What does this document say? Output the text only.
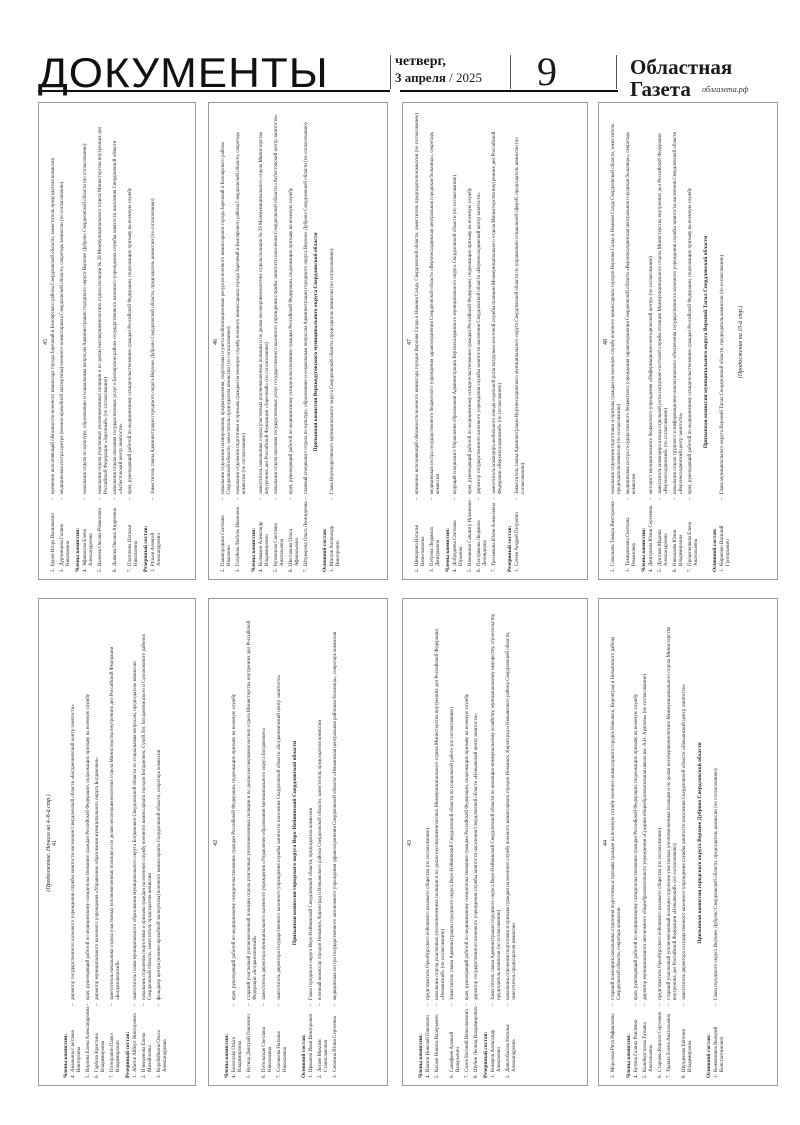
ДОКУМЕНТЫ	четверг,
3 апреля / 2025 9	Областная
Газета	облгазета.рф
(Продолжение. Начало на 4–8-й стр.) 41
Члены комиссии: 4.
Ананьина Светлана Викторовна
–
директор государственного казенного учреждения службы занятости населения Свердловской области «Богдановичский центр занятости»
5.
Ваулина Елена Александровна
–
врач, руководящий работой по медицинскому освидетельствованию граждан Российской Федерации, подлежащих призыву на военную службу
6.
Гарбова Кристина Владимировна
–
директор муниципального казенного учреждения «Управление образования муниципального округа Богданович»
7.
Потюрапин Павел Владимирович
–
заместитель начальника отдела участковых уполномоченных полиции и по делам несовершеннолетних отдела Министерства внутренних дел Российской Федерации «Богдановичский»
Резервный состав: 1.
Абатов Айберт Викторович
–
заместитель главы муниципального образования муниципального округа Богданович Свердловской области по социальным вопросам, председатель комиссии
2.
Измоденова Елена Михайловна
–
начальник отделения подготовки и призыва граждан на военную службу военного комиссариата городов Богданович, Сухой Лог, Богдановичского и Сухоложского районов Свердловской области, заместитель председателя комиссии
3.
Коробейкина Ольга Александровна
–
фельдшер центра (военно-врачебной экспертизы) военного комиссариата Свердловской области, секретарь комиссии	42
Члены комиссии: 4.
Белоглава Ольга Владимировна
–
врач, руководящий работой по медицинскому освидетельствованию граждан Российской Федерации, подлежащих призыву на военную службу
5.
Кутица Дмитрий Павлович
–
старший участковый уполномоченный полиции отдела участковых уполномоченных полиции и по делам несовершеннолетних отдела Министерства внутренних дел Российской Федерации «Богдановичский»
6.
Петельская Светлана Николаевна
–
заместитель директора муниципального казенного учреждения «Управление образования муниципального округа Богданович»
7.
Соловьева Наталья Николаевна
–
заместитель директора государственного казенного учреждения службы занятости населения Свердловской области «Богдановичский центр занятости»	Призывная комиссия городского округа Верх-Нейвинский Свердловской области
Основной состав: 1.
Щеканов Иван Викторович
–
Глава городского округа Верх-Нейвинский Свердловской области, председатель комиссии
2.
Легаев Максим Станиславович
–
военный комиссар городов Невьянск, Кировград и Невьянского района Свердловской области, заместитель председателя комиссии
3.
Смолина Юлия Сергеевна
–
медицинская сестра государственного автономного учреждения здравоохранения Свердловской области «Невьянская центральная районная больница», секретарь комиссии	43
Члены комиссии: 4.
Ивахов Николай Павлович
–
представитель Оренбургского войскового казачьего общества (по согласованию)
5.
Катаев Никита Валерьевич
–
начальник отдела участковых уполномоченных полиции и по делам несовершеннолетних Межмуниципального отдела Министерства внутренних дел Российской Федерации «Невьянский» (по согласованию)
6.
Самофеев Алексей Валерьевич
–
Заместитель главы Администрации городского округа Верх-Нейвинский Свердловской области по социальной работе (по согласованию)
7.
Сизов Евгений Вячеславович
–
врач, руководящий работой по медицинскому освидетельствованию граждан Российской Федерации, подлежащих призыву на военную службу
8.
Шубин Леонид Владимирович
–
директор государственного казенного учреждения службы занятости населения Свердловской области «Невьянский центр занятости»
Резервный состав: 1.
Комаров Александр Алексеевич
–
Заместитель главы Администрации городского округа Верх-Нейвинский Свердловской области по жилищно-коммунальному хозяйству, муниципальному имуществу, строительству, председатель комиссии (по согласованию)
2.
Даньгобасова Наталья Александровна
–
начальник отделения подготовки и призыва граждан на военную службу военного комиссариата городов Невьянск, Кировград и Невьянского района Свердловской области, заместитель председателя комиссии
44
3.
Морозова Рита Рафаиловна
–
старший помощник начальника отделения подготовки и призыва граждан на военную службу военного комиссариата городов Невьянск, Кировград и Невьянского района Свердловской области, секретарь комиссии
Члены комиссии: 4.
Бутина Галина Раилевна
–
врач, руководящий работой по медицинскому освидетельствованию граждан Российской Федерации, подлежащих призыву на военную службу
5.
Калиберстрова Татьяна Анатольевна
–
директор муниципального автономного общеобразовательного учреждения «Средняя общеобразовательная школа им. А.Н. Арапова» (по согласованию)
6.
Старцева Кирилл Сергеевич
–
представитель Оренбургского войскового казачьего общества (по согласованию)
7.
Удавых Елена Анатольевна
–
старший участковый уполномоченный полиции отделения участковых уполномоченных полиции и по делам несовершеннолетних Межмуниципального отдела Министерства внутренних дел Российской Федерации «Невьянский» (по согласованию)
8.
Шунденева Евгения Владимировна
–
заместитель директора государственного казенного учреждения службы занятости населения Свердловской области «Невьянский центр занятости»	Призывная комиссия городского округа Верхнее Дуброво Свердловской области
Основной состав: 1.
Кожевников Валерий Константинович
–
Глава городского округа Верхнее Дуброво Свердловской области, председатель комиссии (по согласованию)
45
2.
Буров Игорь Васильевич
–
временно исполняющий обязанности военного комиссара города Заречный и Белоярского района Свердловской области, заместитель председателя комиссии
3.
Дурнинцева Галина Николаевна
–
медицинская сестра центра (военно-врачебной экспертизы) военного комиссариата Свердловской области, секретарь комиссии (по согласованию)
Члены комиссии: 4.
Афанасова Елена Александровна
–
начальник отдела по культуре, образованию и социальным вопросам Администрации городского округа Верхнее Дуброво Свердловской области (по согласованию)
5.
Валеева Оксана Романовна
–
начальник отдела участковых уполномоченных полиции и по делам несовершеннолетних отдела полиции № 29 Межмуниципального отдела Министерства внутренних дел Российской Федерации «Заречный» (по согласованию)
6.
Дьякова Оксана Андреевна
–
начальник отдела оказания государственных услуг в Белоярском районе государственного казенного учреждения службы занятости населения Свердловской области «Асбестовский центр занятости»
7.
Платонова Наталья Николаевна
–
врач, руководящий работой по медицинскому освидетельствованию граждан Российской Федерации, подлежащих призыву на военную службу
Резервный состав: 1.
Рузьев Алексей Александрович
–
Заместитель главы Администрации городского округа Верхнее Дуброво Свердловской области, председатель комиссии (по согласованию)	46
2.
Пашнородина Светлана Ивановна
–
начальник отделения планирования, предназначения, подготовки и учета мобилизационных ресурсов военного комиссариата города Заречный и Белоярского района Свердловской области, заместитель председателя комиссии (по согласованию)
3.
Голубева Любовь Ивановна
–
начальник отделения подготовки и призыва граждан на военную службу военного комиссариата города Заречный и Белоярского района Свердловской области, секретарь комиссии (по согласованию)
Члены комиссии: 4.
Колмаков Александр Владимирович
–
заместитель начальника отдела участковых уполномоченных полиции и по делам несовершеннолетних отдела полиции № 29 Межмуниципального отдела Министерства внутренних дел Российской Федерации «Заречный» (по согласованию)
5.
Кузнецова Светлана Анатольевна
–
начальник отдела оказания государственных услуг государственного казенного учреждения службы занятости населения Свердловской области «Асбестовский центр занятости»
6.
Шестакова Ольга Афанасьевна
–
врач, руководящий работой по медицинскому освидетельствованию граждан Российской Федерации, подлежащих призыву на военную службу
7.
Штукерова Ольга Леонидовна
–
главный специалист отдела по культуре, образованию и социальным вопросам Администрации городского округа Верхнее Дуброво Свердловской области (по согласованию) Призывная комиссия Верхнедуговского муниципального округа Свердловской области
Основной состав: 1.
Маслак Александр Викторович
–
Глава Верхнедуговского муниципального округа Свердловской области, председатель комиссии (по согласованию)	47
2.
Шемарина Наталья Вячеславовна
–
временно исполняющий обязанности военного комиссара городов Верхняя Салда и Нижняя Салда, Свердловской области, заместитель председателя комиссии (по согласованию)
3.
Петрова Людмила Дмитриевна
–
медицинская сестра государственного бюджетного учреждения здравоохранения Свердловской области «Верхнесалдинская центральная городская больница», секретарь комиссии
Члены комиссии: 4.
Добродеева Светлана Юрьевна
–
ведущий специалист Управления образования Администрации Верхнесалдинского муниципального округа Свердловской области (по согласованию)
5.
Ивешкина Сакшиту Ирешовна
–
врач, руководящий работой по медицинскому освидетельствованию граждан Российской Федерации, подлежащих призыву на военную службу
6.
Пестрякова Людмила Леонидовна
–
директор государственного казенного учреждения службы занятости населения Свердловской области «Верхнесалдинский центр занятости»
7.
Третьякова Юлия Алексеевна
–
заместитель командира мобильного взвода отдельной роты патрульно-постовой службы полиции Межмуниципального отдела Министерства внутренних дел Российской Федерации «Верхнесалдинский» (по согласованию)
Резервный состав: 1.
Сатеев Андрей Петрович
–
Заместитель главы Администрации Верхнесалдинского муниципального округа Свердловской области по управлению социальной сферой, председатель комиссии (по согласованию)
48
2.
Савельева Тамара Викторовна
–
начальник отделения подготовки и призыва граждан на военную службу военного комиссариата городов Верхняя Салда и Нижняя Салда Свердловской области, заместитель председателя комиссии (по согласованию)
3.
Тимирязевна Светлана Романовна
–
медицинская сестра государственного бюджетного учреждения здравоохранения Свердловской области «Верхнесалдинская центральная городская больница», секретарь комиссии
Члены комиссии: 4.
Дмитриева Юлия Сергеевна
–
методист муниципального бюджетного учреждения «Информационно-методический центр» (по согласованию)
5.
Дуюгкая Марина Александровна
–
заместитель командира взвода отдельной роты патрульно-постовой службы полиции Межмуниципального отдела Министерства внутренних дел Российской Федерации «Верхнесалдинский» (по согласованию)
6.
Николаева Юлия Владимировна
–
начальник отдела трудового и информационно-аналитического обеспечения государственного казенного учреждения службы занятости населения Свердловской области «Верхнесалдинский центр занятости»
7.
Прокопенкова Елена Анатольевна
–
врач, руководящий работой по медицинскому освидетельствованию граждан Российской Федерации, подлежащих призыву на военную службу	Призывная комиссия муниципального округа Верхний Тагил Свердловской области
Основной состав: 1.
Кириенко Василий Григорьевич
–
Глава муниципального округа Верхний Тагил Свердловской области, председатель комиссии (по согласованию)	(Продолжение на 10-й стр.)
